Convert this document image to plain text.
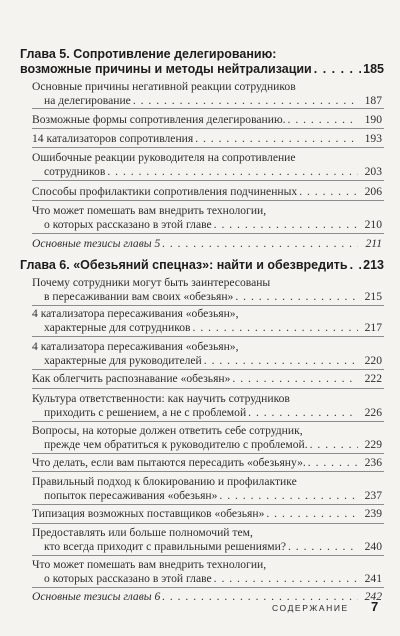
Глава 5. Сопротивление делегированию:
возможные причины и методы нейтрализации . . .	185
Основные причины негативной реакции сотрудников
на делегирование . . .	187
Возможные формы сопротивления делегированию. . . .	190
14 катализаторов сопротивления . . .	193
Ошибочные реакции руководителя на сопротивление
сотрудников . . .	203
Способы профилактики сопротивления подчиненных . . .	206
Что может помешать вам внедрить технологии,
о которых рассказано в этой главе . . .	210
Основные тезисы главы 5 . . .	211
Глава 6. «Обезьяний спецназ»: найти и обезвредить . . . 213
Почему сотрудники могут быть заинтересованы
в пересаживании вам своих «обезьян» . . .	215
4 катализатора пересаживания «обезьян»,
характерные для сотрудников . . .	217
4 катализатора пересаживания «обезьян»,
характерные для руководителей . . .	220
Как облегчить распознавание «обезьян» . . .	222
Культура ответственности: как научить сотрудников
приходить с решением, а не с проблемой . . .	226
Вопросы, на которые должен ответить себе сотрудник,
прежде чем обратиться к руководителю с проблемой. . . .	229
Что делать, если вам пытаются пересадить «обезьяну». . . .	236
Правильный подход к блокированию и профилактике
попыток пересаживания «обезьян» . . .	237
Типизация возможных поставщиков «обезьян» . . .	239
Предоставлять или больше полномочий тем,
кто всегда приходит с правильными решениями? . . .	240
Что может помешать вам внедрить технологии,
о которых рассказано в этой главе . . .	241
Основные тезисы главы 6 . . .	242
СОДЕРЖАНИЕ 7
